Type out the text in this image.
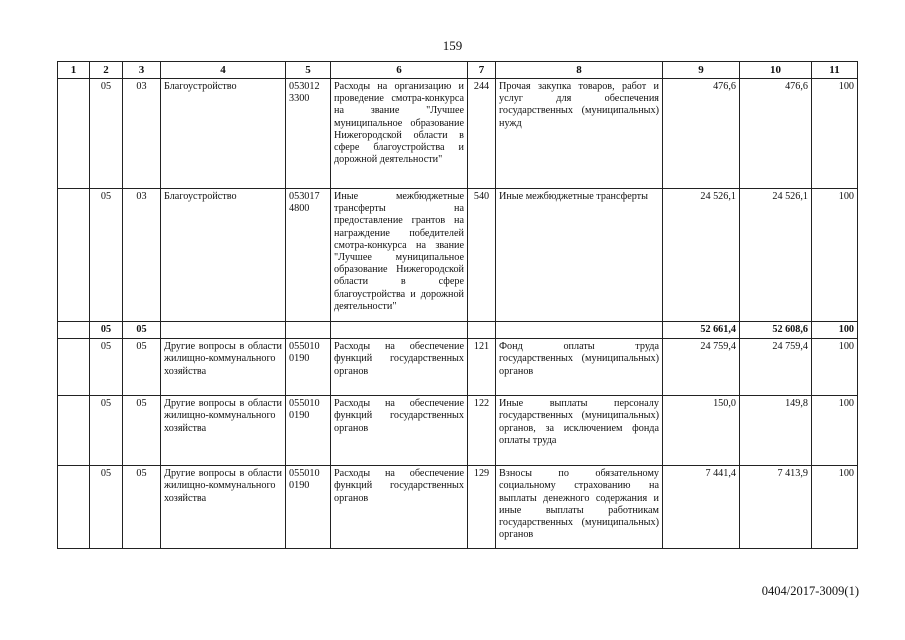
159
1	2	3	4	5	6	7	8	9	10	11
	05	03	Благоустройство	053012 3300	Расходы на организацию и проведение смотра-конкурса на звание "Лучшее муниципальное образование Нижегородской области в сфере благоустройства и дорожной деятельности"	244	Прочая закупка товаров, работ и услуг для обеспечения государственных (муниципальных) нужд	476,6	476,6	100
	05	03	Благоустройство	053017 4800	Иные межбюджетные трансферты на предоставление грантов на награждение победителей смотра-конкурса на звание "Лучшее муниципальное образование Нижегородской области в сфере благоустройства и дорожной деятельности"	540	Иные межбюджетные трансферты	24 526,1	24 526,1	100
	05	05						52 661,4	52 608,6	100
	05	05	Другие вопросы в области жилищно-коммунального хозяйства	055010 0190	Расходы на обеспечение функций государственных органов	121	Фонд оплаты труда государственных (муниципальных) органов	24 759,4	24 759,4	100
	05	05	Другие вопросы в области жилищно-коммунального хозяйства	055010 0190	Расходы на обеспечение функций государственных органов	122	Иные выплаты персоналу государственных (муниципальных) органов, за исключением фонда оплаты труда	150,0	149,8	100
	05	05	Другие вопросы в области жилищно-коммунального хозяйства	055010 0190	Расходы на обеспечение функций государственных органов	129	Взносы по обязательному социальному страхованию на выплаты денежного содержания и иные выплаты работникам государственных (муниципальных) органов	7 441,4	7 413,9	100
0404/2017-3009(1)
